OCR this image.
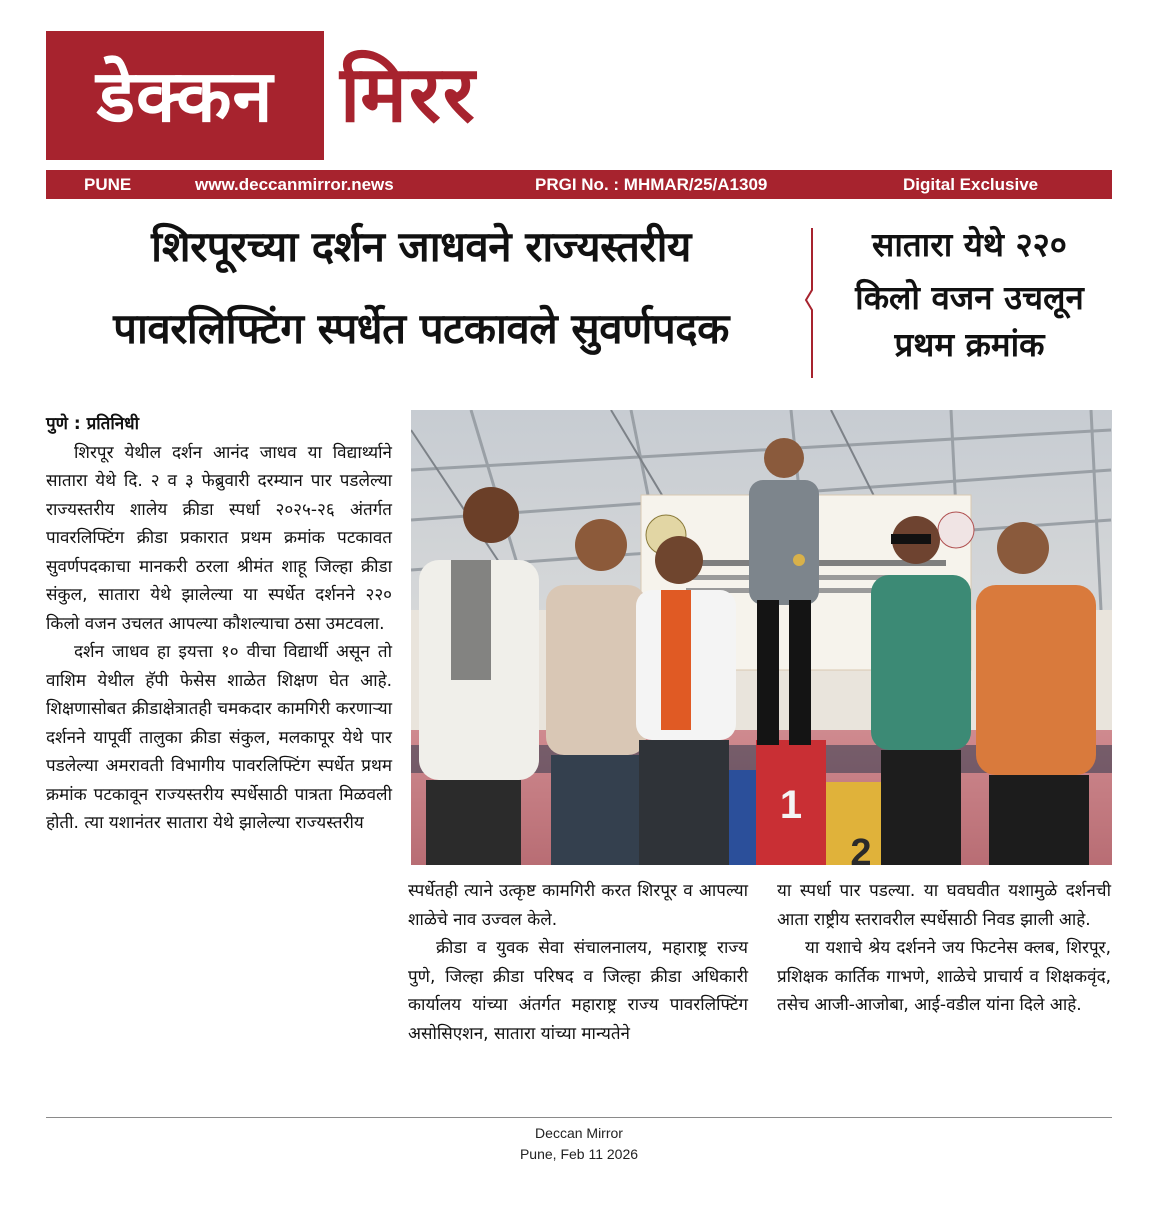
डेक्कन मिरर
PUNE	www.deccanmirror.news	PRGI No. : MHMAR/25/A1309	Digital Exclusive
शिरपूरच्या दर्शन जाधवने राज्यस्तरीय
पावरलिफ्टिंग स्पर्धेत पटकावले सुवर्णपदक
सातारा येथे २२०
किलो वजन उचलून
प्रथम क्रमांक

पुणे : प्रतिनिधी

शिरपूर येथील दर्शन आनंद जाधव या विद्यार्थ्याने सातारा येथे दि. २ व ३ फेब्रुवारी दरम्यान पार पडलेल्या राज्यस्तरीय शालेय क्रीडा स्पर्धा २०२५-२६ अंतर्गत पावरलिफ्टिंग क्रीडा प्रकारात प्रथम क्रमांक पटकावत सुवर्णपदकाचा मानकरी ठरला श्रीमंत शाहू जिल्हा क्रीडा संकुल, सातारा येथे झालेल्या या स्पर्धेत दर्शनने २२० किलो वजन उचलत आपल्या कौशल्याचा ठसा उमटवला.

दर्शन जाधव हा इयत्ता १० वीचा विद्यार्थी असून तो वाशिम येथील हॅपी फेसेस शाळेत शिक्षण घेत आहे. शिक्षणासोबत क्रीडाक्षेत्रातही चमकदार कामगिरी करणाऱ्या दर्शनने यापूर्वी तालुका क्रीडा संकुल, मलकापूर येथे पार पडलेल्या अमरावती विभागीय पावरलिफ्टिंग स्पर्धेत प्रथम क्रमांक पटकावून राज्यस्तरीय स्पर्धेसाठी पात्रता मिळवली होती. त्या यशानंतर सातारा येथे झालेल्या राज्यस्तरीय	1
2

स्पर्धेतही त्याने उत्कृष्ट कामगिरी करत शिरपूर व आपल्या शाळेचे नाव उज्वल केले.

क्रीडा व युवक सेवा संचालनालय, महाराष्ट्र राज्य पुणे, जिल्हा क्रीडा परिषद व जिल्हा क्रीडा अधिकारी कार्यालय यांच्या अंतर्गत महाराष्ट्र राज्य पावरलिफ्टिंग असोसिएशन, सातारा यांच्या मान्यतेने

या स्पर्धा पार पडल्या. या घवघवीत यशामुळे दर्शनची आता राष्ट्रीय स्तरावरील स्पर्धेसाठी निवड झाली आहे.

या यशाचे श्रेय दर्शनने जय फिटनेस क्लब, शिरपूर, प्रशिक्षक कार्तिक गाभणे, शाळेचे प्राचार्य व शिक्षकवृंद, तसेच आजी-आजोबा, आई-वडील यांना दिले आहे.

Deccan Mirror
Pune, Feb 11 2026
